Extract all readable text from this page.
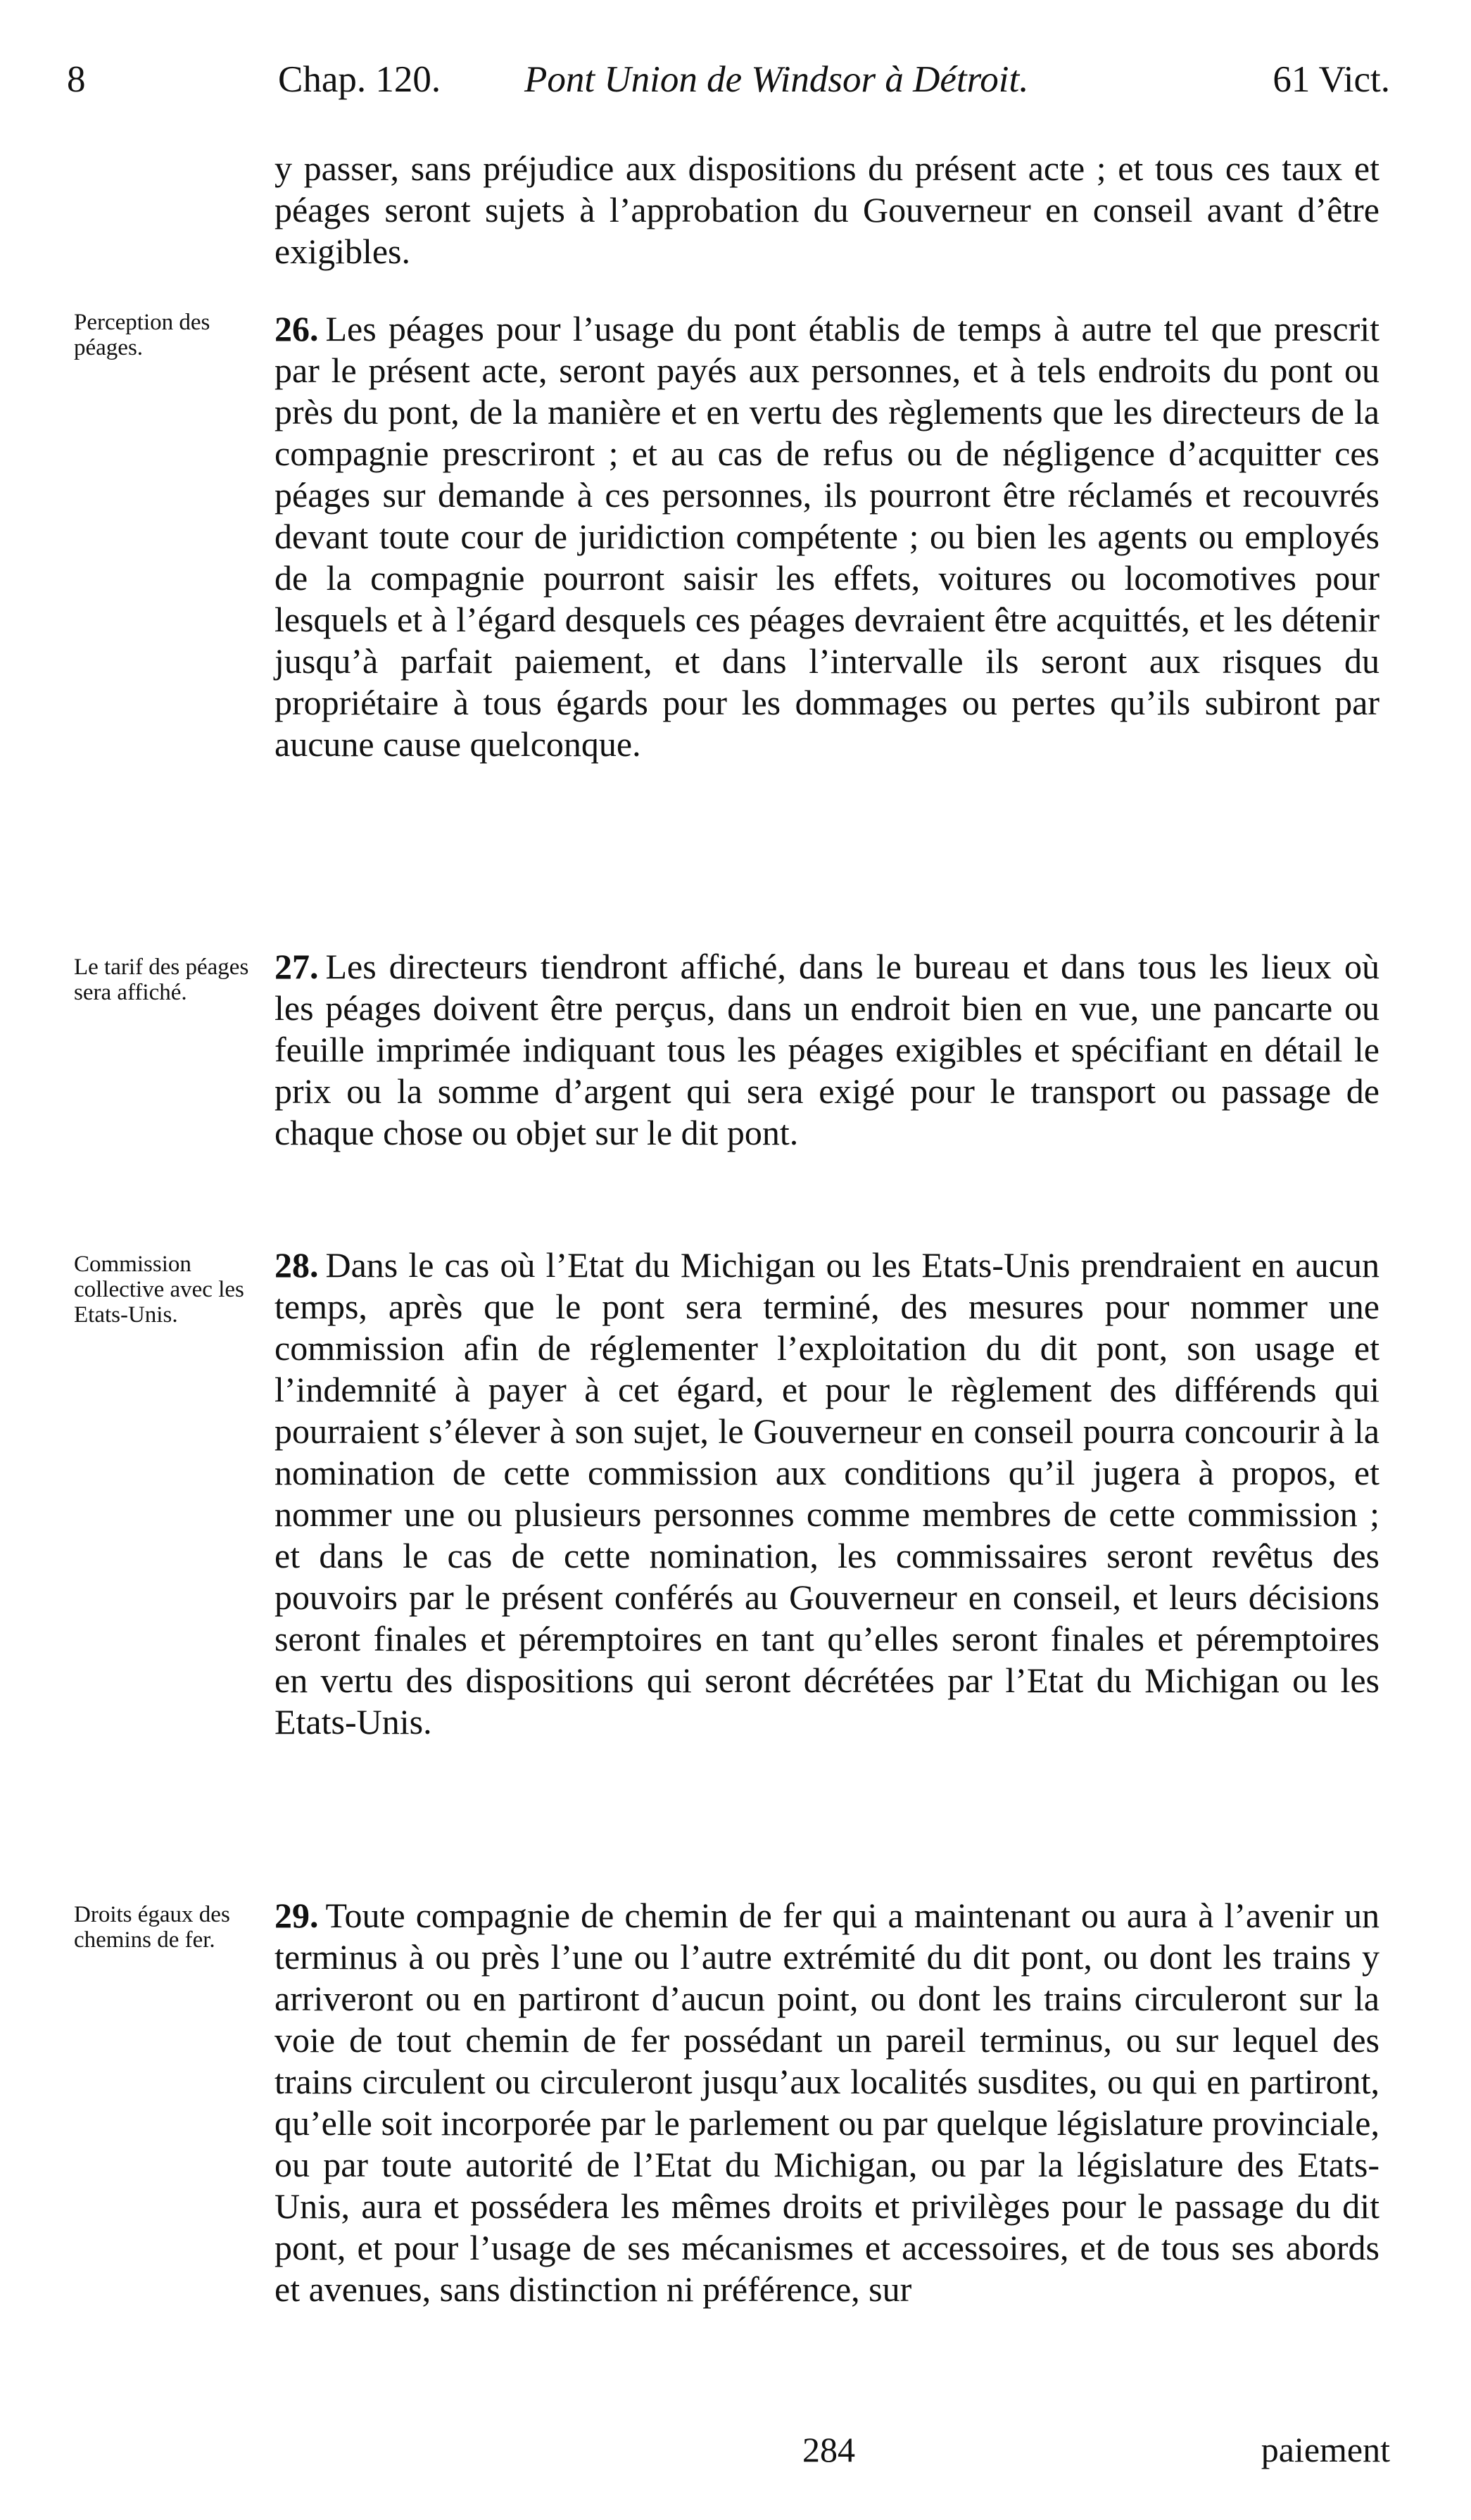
8	Chap. 120. Pont Union de Windsor à Détroit.	61 Vict.
y passer, sans préjudice aux dispositions du présent acte ; et tous ces taux et péages seront sujets à l’approbation du Gouverneur en conseil avant d’être exigibles.
Perception des péages.	26. Les péages pour l’usage du pont établis de temps à autre tel que prescrit par le présent acte, seront payés aux personnes, et à tels endroits du pont ou près du pont, de la manière et en vertu des règlements que les directeurs de la compagnie prescriront ; et au cas de refus ou de négligence d’acquitter ces péages sur demande à ces personnes, ils pourront être réclamés et recouvrés devant toute cour de juridiction compétente ; ou bien les agents ou employés de la compagnie pourront saisir les effets, voitures ou locomotives pour lesquels et à l’égard desquels ces péages devraient être acquittés, et les détenir jusqu’à parfait paiement, et dans l’intervalle ils seront aux risques du propriétaire à tous égards pour les dommages ou pertes qu’ils subiront par aucune cause quelconque.
Le tarif des péages sera affiché.
27. Les directeurs tiendront affiché, dans le bureau et dans tous les lieux où les péages doivent être perçus, dans un endroit bien en vue, une pancarte ou feuille imprimée indiquant tous les péages exigibles et spécifiant en détail le prix ou la somme d’argent qui sera exigé pour le transport ou passage de chaque chose ou objet sur le dit pont.
Commission collective avec les Etats-Unis.
28. Dans le cas où l’Etat du Michigan ou les Etats-Unis prendraient en aucun temps, après que le pont sera terminé, des mesures pour nommer une commission afin de réglementer l’exploitation du dit pont, son usage et l’indemnité à payer à cet égard, et pour le règlement des différends qui pourraient s’élever à son sujet, le Gouverneur en conseil pourra concourir à la nomination de cette commission aux conditions qu’il jugera à propos, et nommer une ou plusieurs personnes comme membres de cette commission ; et dans le cas de cette nomination, les commissaires seront revêtus des pouvoirs par le présent conférés au Gouverneur en conseil, et leurs décisions seront finales et péremptoires en tant qu’elles seront finales et péremptoires en vertu des dispositions qui seront décrétées par l’Etat du Michigan ou les Etats-Unis.
Droits égaux des chemins de fer.
29. Toute compagnie de chemin de fer qui a maintenant ou aura à l’avenir un terminus à ou près l’une ou l’autre extrémité du dit pont, ou dont les trains y arriveront ou en partiront d’aucun point, ou dont les trains circuleront sur la voie de tout chemin de fer possédant un pareil terminus, ou sur lequel des trains circulent ou circuleront jusqu’aux localités susdites, ou qui en partiront, qu’elle soit incorporée par le parlement ou par quelque législature provinciale, ou par toute autorité de l’Etat du Michigan, ou par la législature des Etats-Unis, aura et possédera les mêmes droits et privilèges pour le passage du dit pont, et pour l’usage de ses mécanismes et accessoires, et de tous ses abords et avenues, sans distinction ni préférence, sur
284	paiement
